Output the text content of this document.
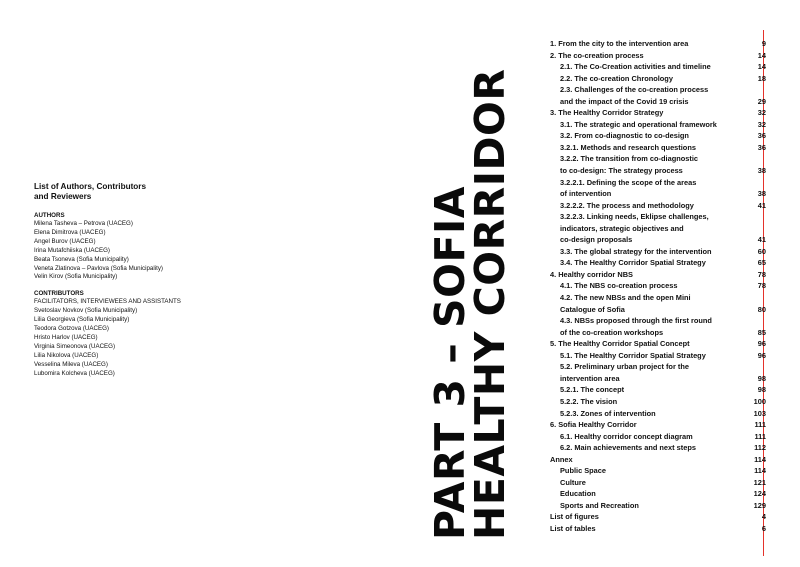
List of Authors, Contributors
and Reviewers
AUTHORS
Milena Tasheva – Petrova (UACEG)
Elena Dimitrova (UACEG)
Angel Burov (UACEG)
Irina Mutafchiiska (UACEG)
Beata Tsoneva (Sofia Municipality)
Veneta Zlatinova – Pavlova (Sofia Municipality)
Velin Kirov (Sofia Municipality)
CONTRIBUTORS
FACILITATORS, INTERVIEWEES AND ASSISTANTS
Svetoslav Novkov (Sofia Municipality)
Lilia Georgieva (Sofia Municipality)
Teodora Gotzova (UACEG)
Hristo Harlov (UACEG)
Virginia Simeonova (UACEG)
Lilia Nikolova (UACEG)
Vesselina Mileva (UACEG)
Lubomira Kolcheva (UACEG)	PART 3 – SOFIA
HEALTHY CORRIDOR
1. From the city to the intervention area	9
2. The co-creation process	14
2.1. The Co-Creation activities and timeline	14
2.2. The co-creation Chronology	18
2.3. Challenges of the co-creation process
and the impact of the Covid 19 crisis	29
3. The Healthy Corridor Strategy	32
3.1. The strategic and operational framework	32
3.2. From co-diagnostic to co-design	36
3.2.1. Methods and research questions	36
3.2.2. The transition from co-diagnostic
to co-design: The strategy process	38
3.2.2.1. Defining the scope of the areas
of intervention	38
3.2.2.2. The process and methodology	41
3.2.2.3. Linking needs, Eklipse challenges,
indicators, strategic objectives and
co-design proposals	41
3.3. The global strategy for the intervention	60
3.4. The Healthy Corridor Spatial Strategy	65
4. Healthy corridor NBS	78
4.1. The NBS co-creation process	78
4.2. The new NBSs and the open Mini
Catalogue of Sofia	80
4.3. NBSs proposed through the first round
of the co-creation workshops	85
5. The Healthy Corridor Spatial Concept	96
5.1. The Healthy Corridor Spatial Strategy	96
5.2. Preliminary urban project for the
intervention area	98
5.2.1. The concept	98
5.2.2. The vision	100
5.2.3. Zones of intervention	103
6. Sofia Healthy Corridor	111
6.1. Healthy corridor concept diagram	111
6.2. Main achievements and next steps	112
Annex	114
Public Space	114
Culture	121
Education	124
Sports and Recreation	129
List of figures	4
List of tables	6
